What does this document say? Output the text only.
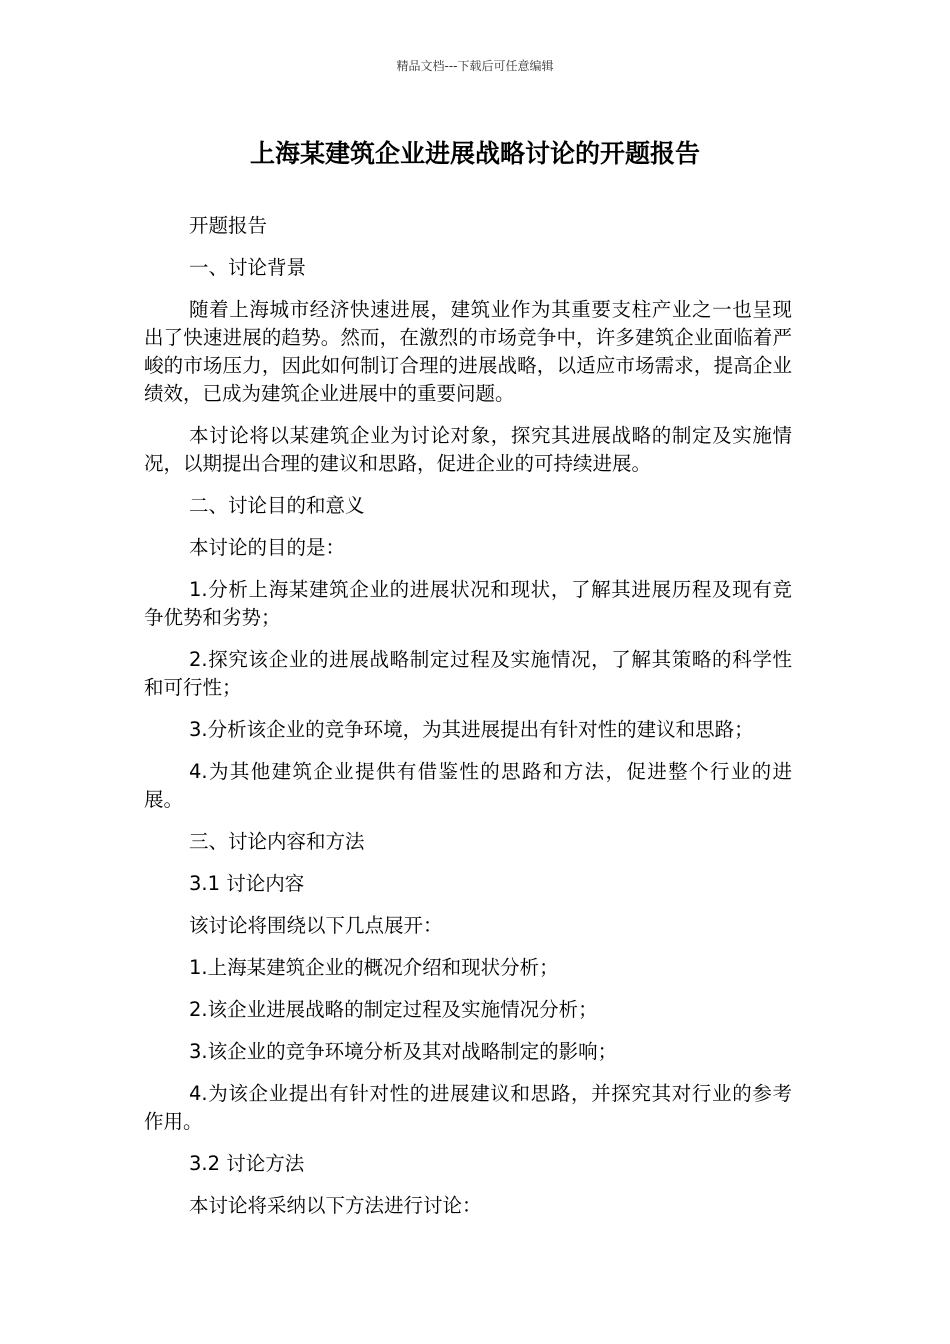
精品文档---下载后可任意编辑
上海某建筑企业进展战略讨论的开题报告

开题报告

一、讨论背景

随着上海城市经济快速进展，建筑业作为其重要支柱产业之一也呈现出了快速进展的趋势。然而，在激烈的市场竞争中，许多建筑企业面临着严峻的市场压力，因此如何制订合理的进展战略，以适应市场需求，提高企业绩效，已成为建筑企业进展中的重要问题。

本讨论将以某建筑企业为讨论对象，探究其进展战略的制定及实施情况，以期提出合理的建议和思路，促进企业的可持续进展。

二、讨论目的和意义

本讨论的目的是：

1.分析上海某建筑企业的进展状况和现状，了解其进展历程及现有竞争优势和劣势；

2.探究该企业的进展战略制定过程及实施情况，了解其策略的科学性和可行性；

3.分析该企业的竞争环境，为其进展提出有针对性的建议和思路；

4.为其他建筑企业提供有借鉴性的思路和方法，促进整个行业的进展。

三、讨论内容和方法

3.1 讨论内容

该讨论将围绕以下几点展开：

1.上海某建筑企业的概况介绍和现状分析；

2.该企业进展战略的制定过程及实施情况分析；

3.该企业的竞争环境分析及其对战略制定的影响；

4.为该企业提出有针对性的进展建议和思路，并探究其对行业的参考作用。

3.2 讨论方法

本讨论将采纳以下方法进行讨论：
